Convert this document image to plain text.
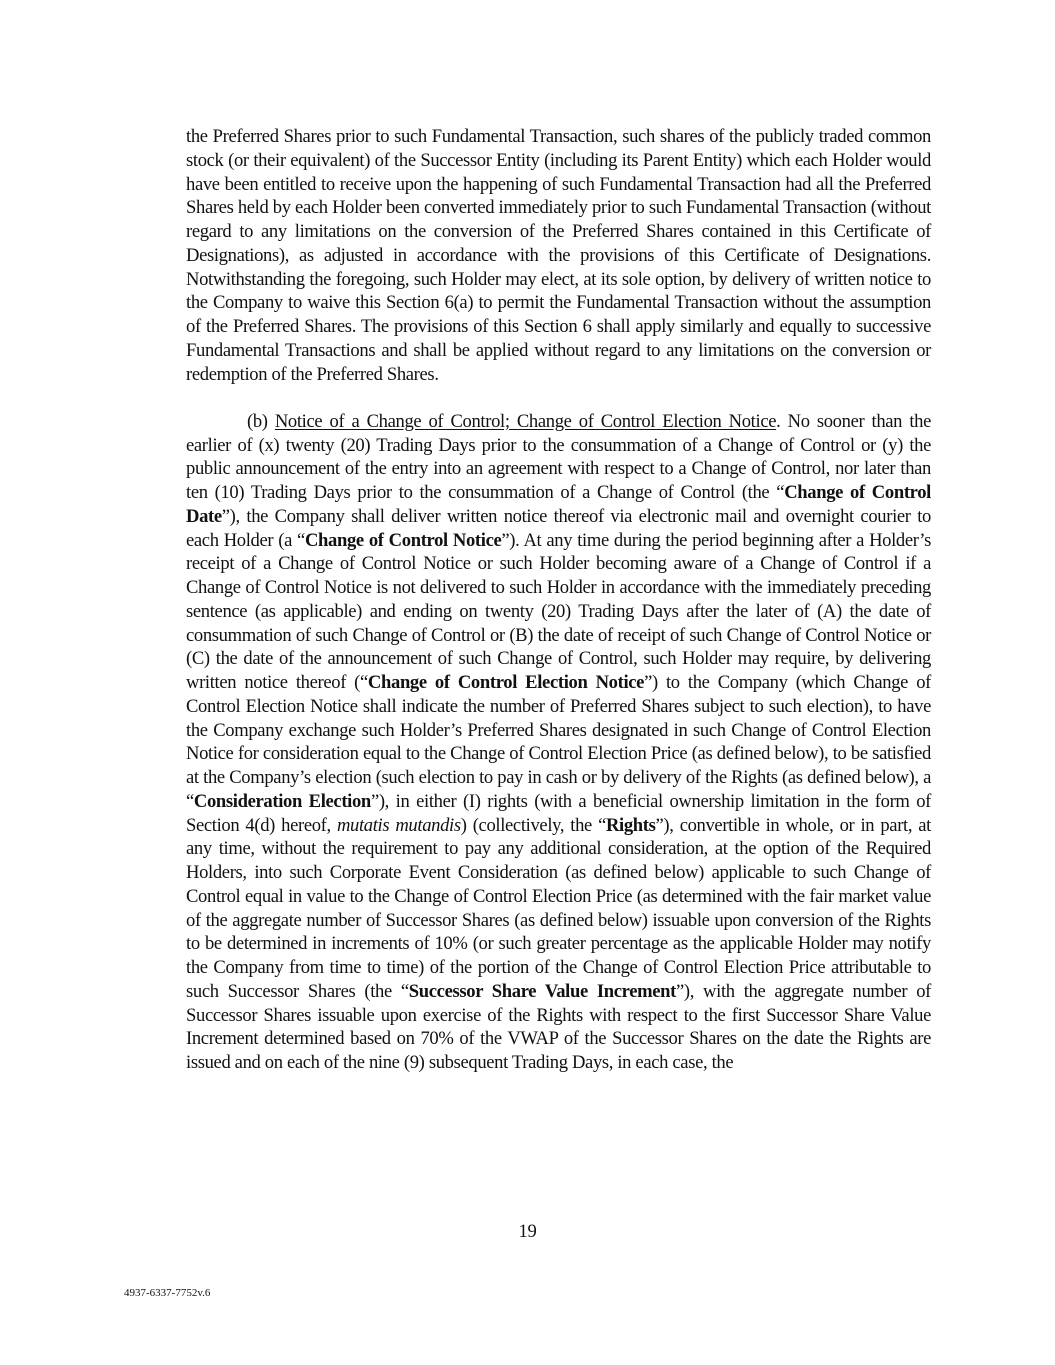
the Preferred Shares prior to such Fundamental Transaction, such shares of the publicly traded common stock (or their equivalent) of the Successor Entity (including its Parent Entity) which each Holder would have been entitled to receive upon the happening of such Fundamental Transaction had all the Preferred Shares held by each Holder been converted immediately prior to such Fundamental Transaction (without regard to any limitations on the conversion of the Preferred Shares contained in this Certificate of Designations), as adjusted in accordance with the provisions of this Certificate of Designations. Notwithstanding the foregoing, such Holder may elect, at its sole option, by delivery of written notice to the Company to waive this Section 6(a) to permit the Fundamental Transaction without the assumption of the Preferred Shares. The provisions of this Section 6 shall apply similarly and equally to successive Fundamental Transactions and shall be applied without regard to any limitations on the conversion or redemption of the Preferred Shares.

(b) Notice of a Change of Control; Change of Control Election Notice. No sooner than the earlier of (x) twenty (20) Trading Days prior to the consummation of a Change of Control or (y) the public announcement of the entry into an agreement with respect to a Change of Control, nor later than ten (10) Trading Days prior to the consummation of a Change of Control (the “Change of Control Date”), the Company shall deliver written notice thereof via electronic mail and overnight courier to each Holder (a “Change of Control Notice”). At any time during the period beginning after a Holder’s receipt of a Change of Control Notice or such Holder becoming aware of a Change of Control if a Change of Control Notice is not delivered to such Holder in accordance with the immediately preceding sentence (as applicable) and ending on twenty (20) Trading Days after the later of (A) the date of consummation of such Change of Control or (B) the date of receipt of such Change of Control Notice or (C) the date of the announcement of such Change of Control, such Holder may require, by delivering written notice thereof (“Change of Control Election Notice”) to the Company (which Change of Control Election Notice shall indicate the number of Preferred Shares subject to such election), to have the Company exchange such Holder’s Preferred Shares designated in such Change of Control Election Notice for consideration equal to the Change of Control Election Price (as defined below), to be satisfied at the Company’s election (such election to pay in cash or by delivery of the Rights (as defined below), a “Consideration Election”), in either (I) rights (with a beneficial ownership limitation in the form of Section 4(d) hereof, mutatis mutandis) (collectively, the “Rights”), convertible in whole, or in part, at any time, without the requirement to pay any additional consideration, at the option of the Required Holders, into such Corporate Event Consideration (as defined below) applicable to such Change of Control equal in value to the Change of Control Election Price (as determined with the fair market value of the aggregate number of Successor Shares (as defined below) issuable upon conversion of the Rights to be determined in increments of 10% (or such greater percentage as the applicable Holder may notify the Company from time to time) of the portion of the Change of Control Election Price attributable to such Successor Shares (the “Successor Share Value Increment”), with the aggregate number of Successor Shares issuable upon exercise of the Rights with respect to the first Successor Share Value Increment determined based on 70% of the VWAP of the Successor Shares on the date the Rights are issued and on each of the nine (9) subsequent Trading Days, in each case, the

19
4937-6337-7752v.6
